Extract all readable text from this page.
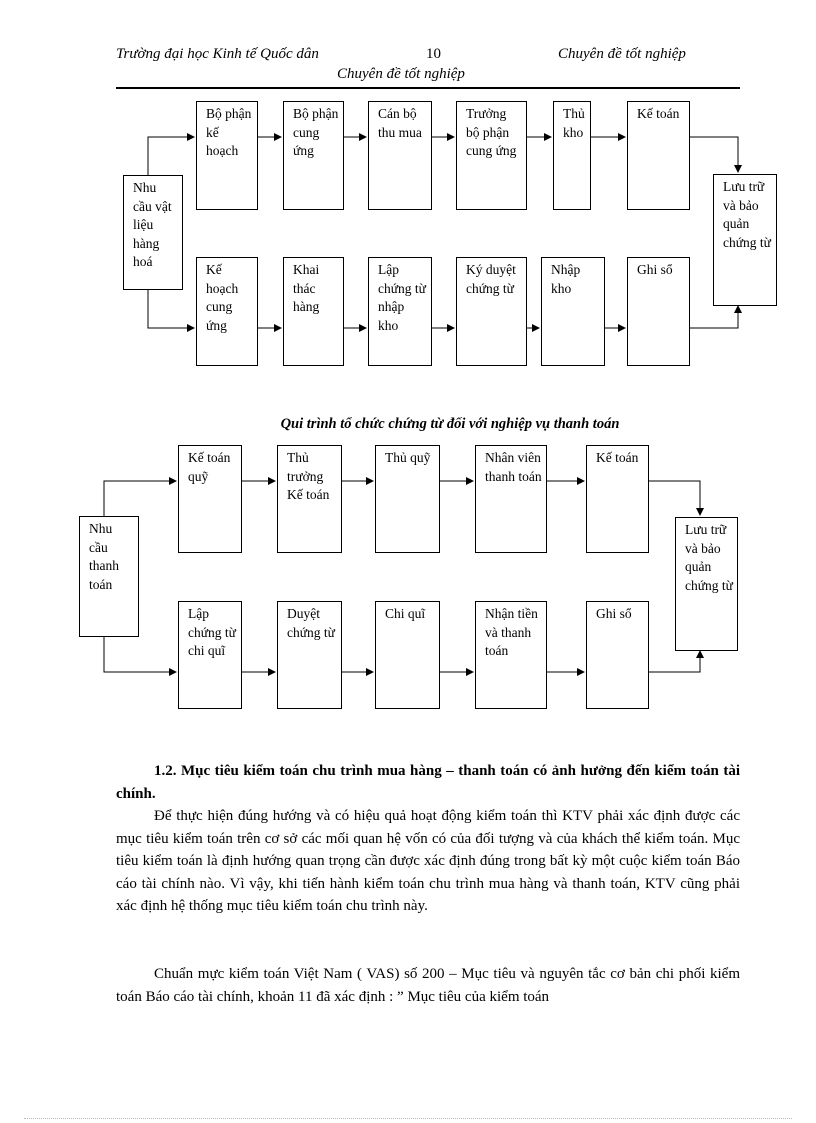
Trường đại học Kinh tế Quốc dân	10	Chuyên đề tốt nghiệp
Chuyên đề tốt nghiệp
Nhu cầu vật liệu hàng hoá
Bộ phận kế hoạch
Bộ phận cung ứng
Cán bộ thu mua
Trưởng bộ phận cung ứng
Thủ kho
Kế toán
Kế hoạch cung ứng
Khai thác hàng
Lập chứng từ nhập kho
Ký duyệt chứng từ
Nhập kho
Ghi sổ
Lưu trữ và bảo quản chứng từ
Qui trình tổ chức chứng từ đối với nghiệp vụ thanh toán
Nhu cầu thanh toán
Kế toán quỹ
Thủ trưởng Kế toán
Thủ quỹ	Nhân viên thanh toán
Kế toán
Lập chứng từ chi quĩ
Duyệt chứng từ
Chi quĩ	Nhận tiền và thanh toán
Ghi sổ
Lưu trữ và bảo quản chứng từ
1.2. Mục tiêu kiểm toán chu trình mua hàng – thanh toán có ảnh hưởng đến kiểm toán tài chính.
Để thực hiện đúng hướng và có hiệu quả hoạt động kiểm toán thì KTV phải xác định được các mục tiêu kiểm toán trên cơ sở các mối quan hệ vốn có của đối tượng và của khách thể kiểm toán. Mục tiêu kiểm toán là định hướng quan trọng cần được xác định đúng trong bất kỳ một cuộc kiểm toán Báo cáo tài chính nào. Vì vậy, khi tiến hành kiểm toán chu trình mua hàng và thanh toán, KTV cũng phải xác định hệ thống mục tiêu kiểm toán chu trình này.
Chuẩn mực kiểm toán Việt Nam ( VAS) số 200 – Mục tiêu và nguyên tắc cơ bản chi phối kiểm toán Báo cáo tài chính, khoản 11 đã xác định : ” Mục tiêu của kiểm toán
